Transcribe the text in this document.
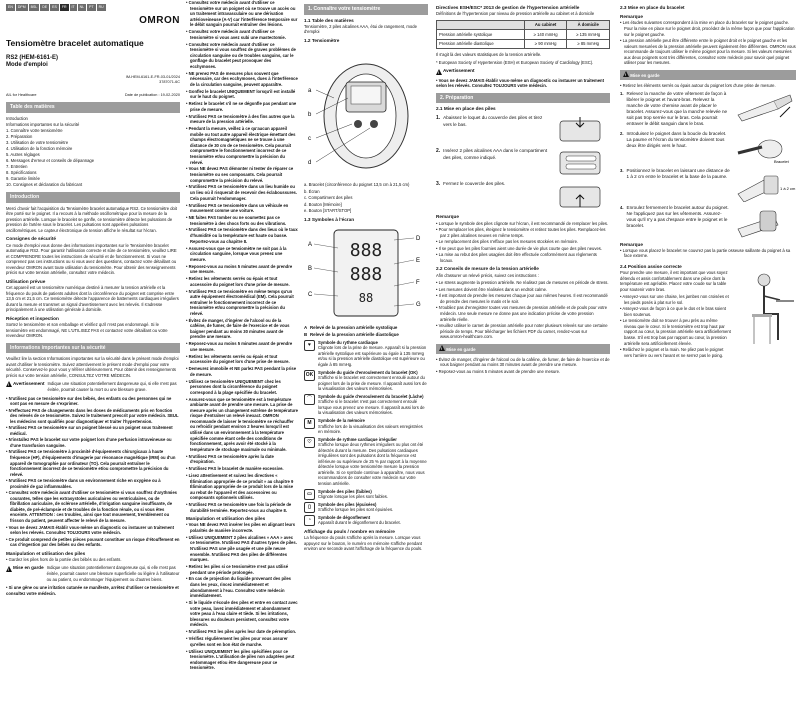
EN	DPM	BSL	DE	ES	FR	IT	NL	PT	RU
OMRON
Tensiomètre bracelet automatique
RS2 (HEM-6161-E)
Mode d'emploi
IM-HEM-6161-E-FR-03-01/2024
3787071-6C
AIL for Healthcare	Date de publication : 19-02-2020
Table des matières
Introduction
Informations importantes sur la sécurité
1. Connaître votre tensiomètre
2. Préparation
3. Utilisation de votre tensiomètre
4. Utilisation de la fonction mémoire
5. Autres réglages
6. Messages d'erreur et conseils de dépannage
7. Entretien
8. Spécifications
9. Garantie limitée
10. Consignes et déclaration du fabricant
Introduction

Merci d'avoir fait l'acquisition du Tensiomètre bracelet automatique RS2. Ce tensiomètre doit être porté sur le poignet. Il a recours à la méthode oscillométrique pour la mesure de la pression artérielle. Lorsque le bracelet se gonfle, ce tensiomètre détecte les pulsations de pression de l'artère sous le bracelet. Les pulsations sont appelées pulsations oscillométriques. Le capteur électronique de tension affiche le résultat sur l'écran.

Consignes de sécurité

Ce mode d'emploi vous donne des informations importantes sur le Tensiomètre bracelet automatique RS2. Pour garantir l'utilisation correcte et sûre de ce tensiomètre, veuillez LIRE et COMPRENDRE toutes les instructions de sécurité et de fonctionnement. Si vous ne comprenez pas ces instructions ou si vous avez des questions, contactez votre détaillant ou revendeur OMRON avant toute utilisation du tensiomètre. Pour obtenir des renseignements précis sur votre tension artérielle, consultez votre médecin.

Utilisation prévue

Cet appareil est un tensiomètre numérique destiné à mesurer la tension artérielle et la fréquence du pouls de patients adultes dont la circonférence du poignet est comprise entre 13,5 cm et 21,5 cm. Ce tensiomètre détecte l'apparence de battements cardiaques irréguliers durant la mesure et transmet un signal d'avertissement avec les relevés. Il s'adresse principalement à une utilisation générale à domicile.

Réception et inspection

Sortez le tensiomètre et son emballage et vérifiez qu'il n'est pas endommagé. Si le tensiomètre est endommagé, NE L'UTILISEZ PAS et contactez votre détaillant ou votre revendeur OMRON.

Informations importantes sur la sécurité

Veuillez lire la section Informations importantes sur la sécurité dans le présent mode d'emploi avant d'utiliser le tensiomètre. Suivez attentivement le présent mode d'emploi pour votre sécurité. Conservez-le pour vous y référer ultérieurement. Pour obtenir des renseignements précis sur votre tension artérielle, CONSULTEZ VOTRE MÉDECIN.

!
Avertissement Indique une situation potentiellement dangereuse qui, si elle n'est pas évitée, pourrait causer la mort ou une blessure grave.
• N'utilisez pas ce tensiomètre sur des bébés, des enfants ou des personnes qui ne sont pas en mesure de s'exprimer.
• N'effectuez PAS de changements dans les doses de médicaments pris en fonction des relevés de ce tensiomètre. Suivez le traitement prescrit par votre médecin. SEUL les médecins sont qualifiés pour diagnostiquer et traiter l'hypertension.
• N'utilisez PAS ce tensiomètre sur un poignet blessé ou un poignet sous traitement médical.
• N'installez PAS le bracelet sur votre poignet lors d'une perfusion intraveineuse ou d'une transfusion sanguine.
• N'utilisez PAS ce tensiomètre à proximité d'équipements chirurgicaux à haute fréquence (HF), d'équipements d'imagerie par résonance magnétique (IRM) ou d'un appareil de tomographie par ordinateur (TO). Cela pourrait entraîner le fonctionnement incorrect de ce tensiomètre et/ou compromettre la précision du relevé.
• N'utilisez PAS ce tensiomètre dans un environnement riche en oxygène ou à proximité de gaz inflammables.
• Consultez votre médecin avant d'utiliser ce tensiomètre si vous souffrez d'arythmies courantes, telles que les extrasystoles auriculaires ou ventriculaires, ou de fibrillation auriculaire, de sclérose artérielle, d'irrigation sanguine insuffisante, de diabète, de pré-éclampsie et de troubles de la fonction rénale, ou si vous êtes enceinte. ATTENTION : ces troubles, ainsi que tout mouvement, tremblement ou frisson du patient, peuvent affecter le relevé de la mesure.
• Vous ne devez JAMAIS établir vous-même un diagnostic ou instaurer un traitement selon les relevés. Consultez TOUJOURS votre médecin.
• Ce produit comprend de petites pièces pouvant constituer un risque d'étouffement en cas d'ingestion par des bébés ou des enfants.
Manipulation et utilisation des piles

• Gardez les piles hors de la portée des bébés ou des enfants.

!
Mise en garde Indique une situation potentiellement dangereuse qui, si elle n'est pas évitée, pourrait causer une blessure superficielle ou légère à l'utilisateur ou au patient, ou endommager l'équipement ou d'autres biens.

• Si une gêne ou une irritation cutanée se manifeste, arrêtez d'utiliser ce tensiomètre et consultez votre médecin.

• Consultez votre médecin avant d'utiliser ce tensiomètre sur un poignet où se trouve un accès ou un traitement intravasculaire ou une dérivation artérioveineuse (A-V) car l'interférence temporaire sur le débit sanguin pourrait entraîner des lésions.
• Consultez votre médecin avant d'utiliser ce tensiomètre si vous avez subi une mastectomie.
• Consultez votre médecin avant d'utiliser ce tensiomètre si vous souffrez de graves problèmes de circulation sanguine ou de troubles sanguins, car le gonflage du bracelet peut provoquer des ecchymoses.
• NE prenez PAS de mesures plus souvent que nécessaire, car des ecchymoses, dues à l'interférence de la circulation sanguine, peuvent apparaître.
• Gonflez le bracelet UNIQUEMENT lorsqu'il est installé sur le haut du poignet.
• Retirez le bracelet s'il ne se dégonfle pas pendant une prise de mesure.
• N'utilisez PAS ce tensiomètre à des fins autres que la mesure de la pression artérielle.
• Pendant la mesure, veillez à ce qu'aucun appareil mobile ou tout autre appareil électrique émettant des champs électromagnétiques ne se trouve à une distance de 30 cm de ce tensiomètre. Cela pourrait compromettre le fonctionnement incorrect de ce tensiomètre et/ou compromettre la précision du relevé.
• Vous NE devez PAS démonter ni tenter de réparer ce tensiomètre ou ses composants. Cela pourrait compromettre la précision du relevé.
• N'utilisez PAS ce tensiomètre dans un lieu humide ou un lieu où il risquerait de recevoir des éclaboussures. Cela pourrait l'endommager.
• N'utilisez PAS ce tensiomètre dans un véhicule en mouvement comme une voiture.
• NE faites PAS tomber ou ne soumettez pas ce tensiomètre à des chocs forts ou des vibrations.
• N'utilisez PAS ce tensiomètre dans des lieux où le taux d'humidité ou la température est haute ou basse. Reportez-vous au chapitre 8.
• Assurez-vous que ce tensiomètre ne soit pas à la circulation sanguine, lorsque vous prenez une mesure.
• Reposez-vous au moins 5 minutes avant de prendre une mesure.
• Retirez les vêtements serrés ou épais et tout accessoire du poignet lors d'une prise de mesure.
• N'utilisez PAS ce tensiomètre en même temps qu'un autre équipement électromédical (EM). Cela pourrait entraîner le fonctionnement incorrect de ce tensiomètre et/ou compromettre la précision du relevé.
• Évitez de manger, d'ingérer de l'alcool ou de la caféine, de fumer, de faire de l'exercice et de vous baigner pendant au moins 30 minutes avant de prendre une mesure.
• Reposez-vous au moins 5 minutes avant de prendre une mesure.
• Retirez les vêtements serrés ou épais et tout accessoire du poignet lors d'une prise de mesure.
• Demeurez immobile et NE parlez PAS pendant la prise de mesure.
• Utilisez ce tensiomètre UNIQUEMENT chez les personnes dont la circonférence du poignet correspond à la plage spécifiée du bracelet.
• Assurez-vous que ce tensiomètre est à température ambiante avant de prendre une mesure. La prise de mesure après un changement extrême de température risque d'entraîner un relevé inexact. OMRON recommande de laisser le tensiomètre se réchauffer ou refroidir pendant environ 2 heures lorsqu'il est utilisé dans un environnement à la température spécifiée comme étant celle des conditions de fonctionnement, après avoir été stocké à la température de stockage maximale ou minimale.
• N'utilisez PAS ce tensiomètre après la date d'expiration.
• N'utilisez PAS le bracelet de manière excessive.
• Lisez attentivement et suivez les directives « Élimination appropriée de ce produit » au chapitre 9 Élimination appropriée de ce produit lors de la mise au rebut de l'appareil et des accessoires ou composants optionnels utilisés.
• N'utilisez PAS ce tensiomètre une fois la période de durabilité terminée. Reportez-vous au chapitre 8.
Manipulation et utilisation des piles
• Vous NE devez PAS insérer les piles en alignant leurs polarités de manière incorrecte.
• Utilisez UNIQUEMENT 2 piles alcalines « AAA » avec ce tensiomètre. N'utilisez PAS d'autres types de piles. N'utilisez PAS une pile usagée et une pile neuve ensemble. N'utilisez PAS des piles de différentes marques.
• Retirez les piles si ce tensiomètre n'est pas utilisé pendant une période prolongée.
• En cas de projection du liquide provenant des piles dans les yeux, rincez immédiatement et abondamment à l'eau. Consultez votre médecin immédiatement.
• Si le liquide s'écoule des piles et entre en contact avec votre peau, lavez immédiatement et abondamment votre peau à l'eau claire et tiède. Si les irritations, blessures ou douleurs persistent, consultez votre médecin.
• N'utilisez PAS les piles après leur date de péremption.
• Vérifiez régulièrement les piles pour vous assurer qu'elles sont en bon état de marche.
• Utilisez UNIQUEMENT les piles spécifiées pour ce tensiomètre. L'utilisation de piles non adaptées peut endommager et/ou être dangereuse pour ce tensiomètre.
1. Connaître votre tensiomètre
1.1 Table des matières

Tensiomètre, 2 piles alcalines AAA, étui de rangement, mode d'emploi

1.2 Tensiomètre
a
b
c
d
a. Bracelet (circonférence du poignet 13,5 cm à 21,5 cm)
b. Écran
c. Compartiment des piles
d. Bouton [Mémoire]
e. Bouton [START/STOP]
1.3 Symboles à l'écran
888
888
88
A
B
C
D
E
F
G
A Relevé de la pression artérielle systolique
B Relevé de la pression artérielle diastolique
♥	Symbole du rythme cardiaque
Clignote lors de la prise de mesure. Apparaît si la pression artérielle systolique est supérieure ou égale à 135 mmHg et/ou si la pression artérielle diastolique est supérieure ou égale à 85 mmHg.
OK	Symbole du guide d'enroulement du bracelet (OK)
S'affiche si le bracelet est correctement enroulé autour du poignet lors de la prise de mesure. Il apparaît aussi lors de la visualisation des valeurs mémorisées.
⌒	Symbole du guide d'enroulement du bracelet (Lâche)
S'affiche si le bracelet n'est pas correctement enroulé lorsque vous prenez une mesure. Il apparaît aussi lors de la visualisation des valeurs mémorisées.
M	Symbole de la mémoire
S'affiche lors de la visualisation des valeurs enregistrées en mémoire.
♡	Symbole de rythme cardiaque irrégulier
S'affiche lorsque deux rythmes irréguliers ou plus ont été détectés durant la mesure. Des pulsations cardiaques irrégulières sont des pulsations dont la fréquence est inférieure ou supérieure de 25 % par rapport à la moyenne détectée lorsque votre tensiomètre mesure la pression artérielle. Si ce symbole continue à apparaître, nous vous recommandons de consulter votre médecin sur votre tension artérielle.
▭	Symbole des piles (faibles)
Clignote lorsque les piles sont faibles.
▯	Symbole des piles (épuisées)
S'affiche lorsque les piles sont épuisées.
◔	Symbole de dégonflement
Apparaît durant le dégonflement du bracelet.
Affichage du pouls / nombre en mémoire

La fréquence du pouls s'affiche après la mesure. Lorsque vous appuyez sur le bouton, le numéro en mémoire s'affiche pendant environ une seconde avant l'affichage de la fréquence du pouls.

Directives ESH/ESC* 2013 de gestion de l'hypertension artérielle

Définitions de l'hypertension par niveau de pression artérielle au cabinet et à domicile

	Au cabinet	À domicile
Pression artérielle systolique	≥ 140 mmHg	≥ 135 mmHg
Pression artérielle diastolique	≥ 90 mmHg	≥ 85 mmHg

Il s'agit là des valeurs statistiques de la tension artérielle.

* European Society of Hypertension (ESH) et European Society of Cardiology (ESC).

!
Avertissement

• Vous ne devez JAMAIS établir vous-même un diagnostic ou instaurer un traitement selon les relevés. Consultez TOUJOURS votre médecin.

2. Préparation
2.1 Mise en place des piles
1. Abaissez le loquet du couvercle des piles et tirez vers le bas.
2. Insérez 2 piles alcalines AAA dans le compartiment des piles, comme indiqué.
3. Fermez le couvercle des piles.
Remarque
• Lorsque le symbole des piles clignote sur l'écran, il est recommandé de remplacer les piles.
• Pour remplacer les piles, éteignez le tensiomètre et retirez toutes les piles. Remplacez-les par 2 piles alcalines neuves en même temps.
• Le remplacement des piles n'efface pas les mesures stockées en mémoire.
• Il se peut que les piles fournies aient une durée de vie plus courte que des piles neuves.
• La mise au rebut des piles usagées doit être effectuée conformément aux règlements locaux.
2.2 Conseils de mesure de la tension artérielle

Afin d'assurer un relevé précis, suivez ces instructions :

• Le stress augmente la pression artérielle. Ne réalisez pas de mesures en période de stress.
• Les mesures doivent être réalisées dans un endroit calme.
• Il est important de prendre les mesures chaque jour aux mêmes heures. Il est recommandé de prendre des mesures le matin et le soir.
• N'oubliez pas d'enregistrer toutes vos mesures de pression artérielle et de pouls pour votre médecin. Une seule mesure ne donne pas une indication précise de votre pression artérielle réelle.
• Veuillez utiliser le carnet de pression artérielle pour noter plusieurs relevés sur une certaine période de temps. Pour télécharger les fichiers PDF du carnet, rendez-vous sur www.omron-healthcare.com.
! Mise en garde
• Évitez de manger, d'ingérer de l'alcool ou de la caféine, de fumer, de faire de l'exercice et de vous baigner pendant au moins 30 minutes avant de prendre une mesure.
• Reposez-vous au moins 5 minutes avant de prendre une mesure.
2.3 Mise en place du bracelet
Remarque
• Les études suivantes correspondent à la mise en place du bracelet sur le poignet gauche. Pour la mise en place sur le poignet droit, procédez de la même façon que pour l'application sur le poignet gauche.
• La pression artérielle peut être différente entre le poignet droit et le poignet gauche et les valeurs mesurées de la pression artérielle peuvent également être différentes. OMRON vous recommande de toujours utiliser le même poignet pour la mesure. Si les valeurs mesurées aux deux poignets sont très différentes, consultez votre médecin pour savoir quel poignet utiliser pour les mesures.
! Mise en garde

• Retirez les éléments serrés ou épais autour du poignet lors d'une prise de mesure.

1. Relevez la manche de votre vêtement de façon à libérer le poignet et l'avant-bras. Relevez la manche de votre chemise avant de placer le bracelet. Assurez-vous que la manche relevée ne soit pas trop serrée sur le bras. Cela pourrait entraver le débit sanguin dans le bras.
2. Introduisez le poignet dans la boucle du bracelet. La paume et l'écran du tensiomètre doivent tous deux être dirigés vers le haut.
Bracelet
3. Positionnez le bracelet en laissant une distance de 1 à 2 cm entre le bracelet et la base de la paume.
1 à 2 cm
4. Enroulez fermement le bracelet autour du poignet. Ne l'appliquez pas sur les vêtements. Assurez-vous qu'il n'y a pas d'espace entre le poignet et le bracelet.
Remarque
• Lorsque vous placez le bracelet ne couvrez pas la partie osseuse saillante du poignet à sa face externe.
2.4 Position assise correcte

Pour prendre une mesure, il est important que vous soyez détendu et assis confortablement dans une pièce dont la température est agréable. Placez votre coude sur la table pour soutenir votre bras.

• Asseyez-vous sur une chaise, les jambes non croisées et les pieds posés à plat sur le sol.
• Asseyez-vous de façon à ce que le dos et le bras soient bien soutenus.
• Le tensiomètre doit se trouver à peu près au même niveau que le cœur. Si le tensiomètre est trop haut par rapport au cœur, la pression artérielle sera artificiellement basse. S'il est trop bas par rapport au cœur, la pression artérielle sera artificiellement élevée.
• Relâchez le poignet et la main. Ne pliez pas le poignet vers l'arrière ou vers l'avant et ne serrez pas le poing.
